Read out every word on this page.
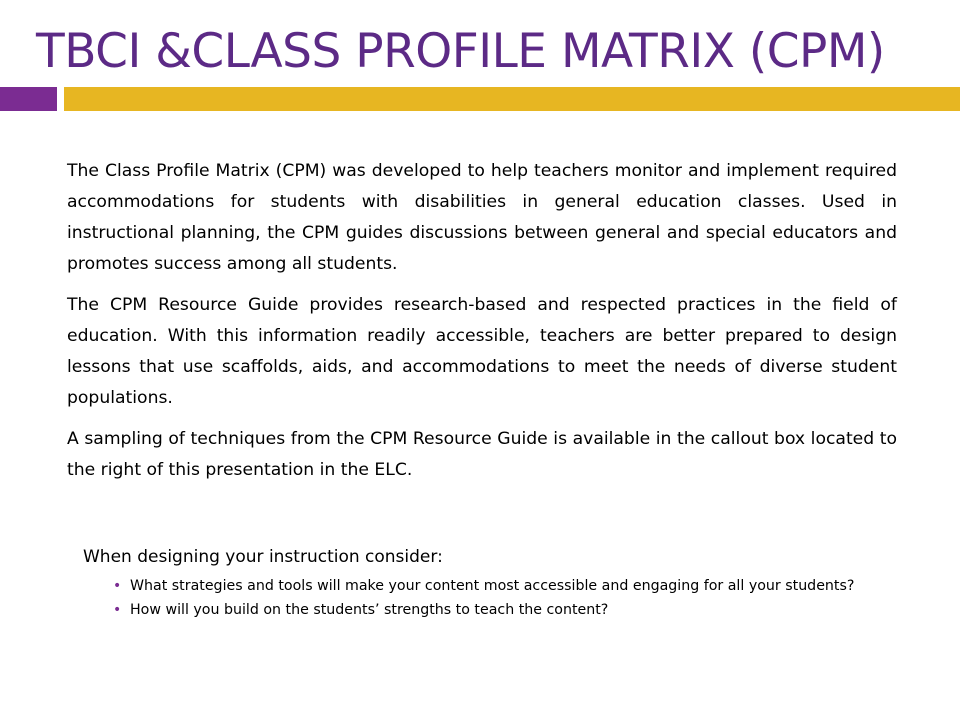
TBCI &CLASS PROFILE MATRIX (CPM)

The Class Profile Matrix (CPM) was developed to help teachers monitor and implement required accommodations for students with disabilities in general education classes. Used in instructional planning, the CPM guides discussions between general and special educators and promotes success among all students.

The CPM Resource Guide provides research-based and respected practices in the field of education. With this information readily accessible, teachers are better prepared to design lessons that use scaffolds, aids, and accommodations to meet the needs of diverse student populations.

A sampling of techniques from the CPM Resource Guide is available in the callout box located to the right of this presentation in the ELC.

When designing your instruction consider:

• What strategies and tools will make your content most accessible and engaging for all your students?
• How will you build on the students’ strengths to teach the content?
